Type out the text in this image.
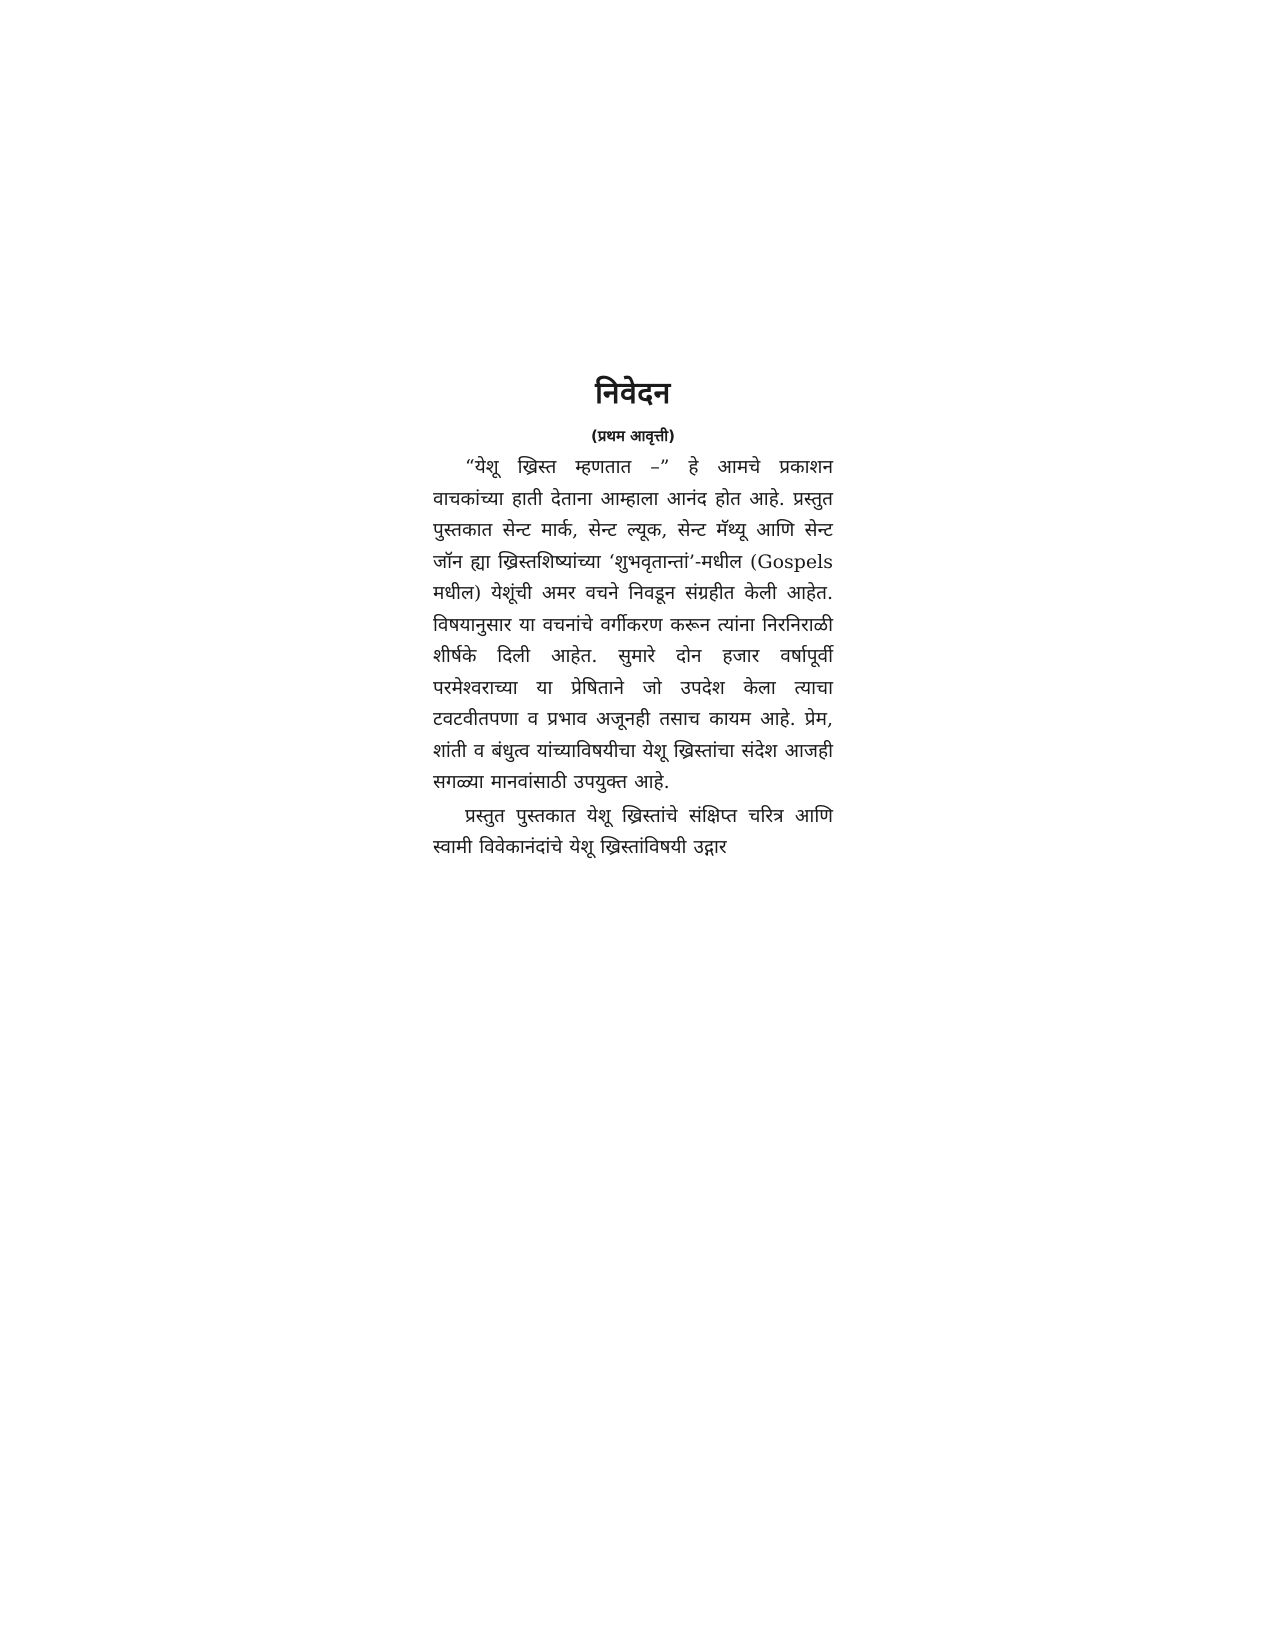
निवेदन
(प्रथम आवृत्ती)

“येशू ख्रिस्त म्हणतात –” हे आमचे प्रकाशन वाचकांच्या हाती देताना आम्हाला आनंद होत आहे. प्रस्तुत पुस्तकात सेन्ट मार्क, सेन्ट ल्यूक, सेन्ट मॅथ्यू आणि सेन्ट जॉन ह्या ख्रिस्तशिष्यांच्या ‘शुभवृतान्तां’-मधील (Gospels मधील) येशूंची अमर वचने निवडून संग्रहीत केली आहेत. विषयानुसार या वचनांचे वर्गीकरण करून त्यांना निरनिराळी शीर्षके दिली आहेत. सुमारे दोन हजार वर्षापूर्वी परमेश्वराच्या या प्रेषिताने जो उपदेश केला त्याचा टवटवीतपणा व प्रभाव अजूनही तसाच कायम आहे. प्रेम, शांती व बंधुत्व यांच्याविषयीचा येशू ख्रिस्तांचा संदेश आजही सगळ्या मानवांसाठी उपयुक्त आहे.

प्रस्तुत पुस्तकात येशू ख्रिस्तांचे संक्षिप्त चरित्र आणि स्वामी विवेकानंदांचे येशू ख्रिस्तांविषयी उद्गार
